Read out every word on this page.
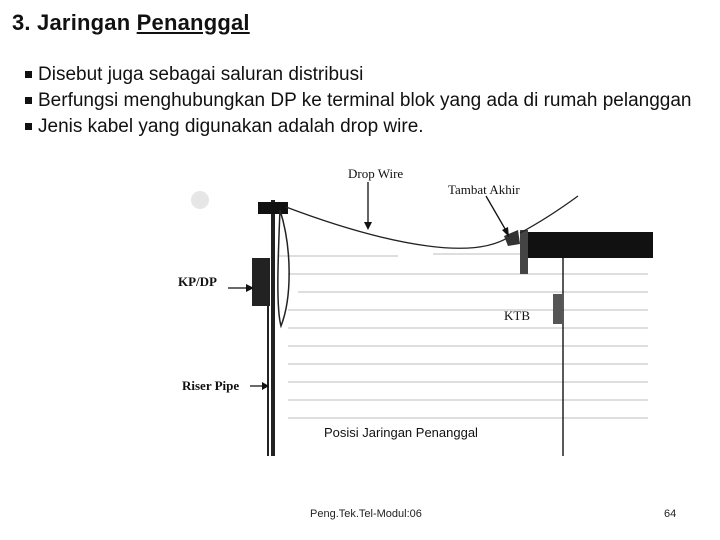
3. Jaringan Penanggal
Disebut juga sebagai saluran distribusi
Berfungsi menghubungkan DP ke terminal blok yang ada di rumah pelanggan
Jenis kabel yang digunakan adalah drop wire.
Drop Wire
Tambat Akhir
KP/DP
KTB
Riser Pipe
Posisi Jaringan Penanggal
Peng.Tek.Tel-Modul:06	64
